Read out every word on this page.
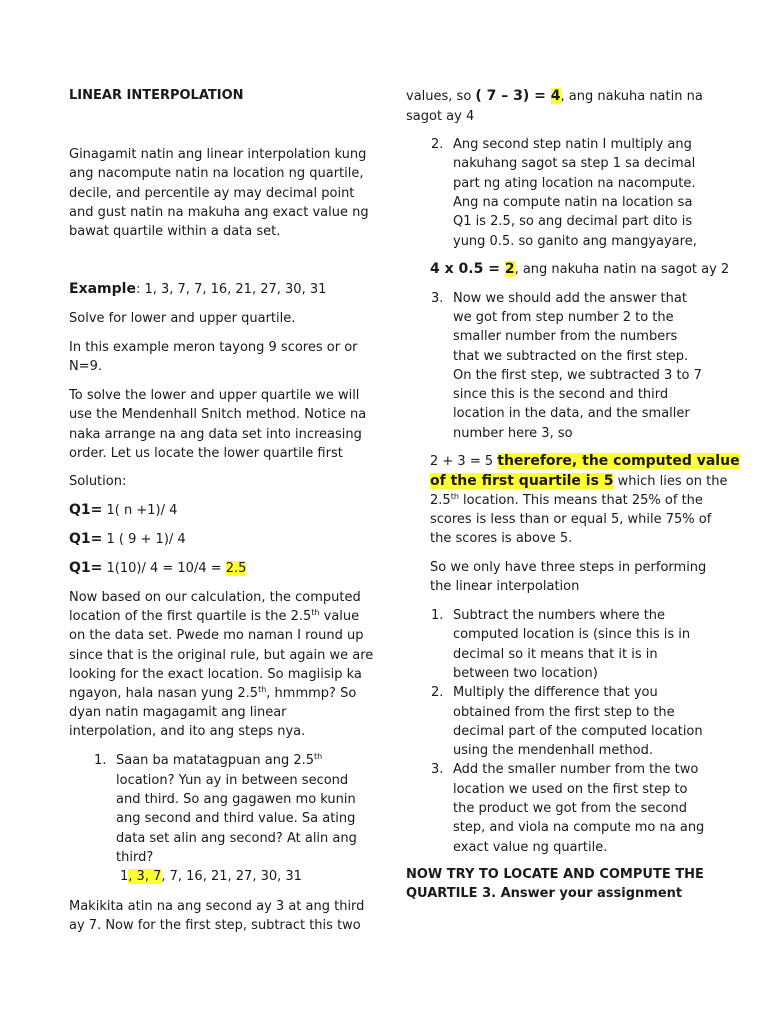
LINEAR INTERPOLATION
Ginagamit natin ang linear interpolation kung
ang nacompute natin na location ng quartile,
decile, and percentile ay may decimal point
and gust natin na makuha ang exact value ng
bawat quartile within a data set.
Example: 1, 3, 7, 7, 16, 21, 27, 30, 31
Solve for lower and upper quartile.
In this example meron tayong 9 scores or or
N=9.
To solve the lower and upper quartile we will
use the Mendenhall Snitch method. Notice na
naka arrange na ang data set into increasing
order. Let us locate the lower quartile first
Solution:
Q1= 1( n +1)/ 4
Q1= 1 ( 9 + 1)/ 4
Q1= 1(10)/ 4 = 10/4 = 2.5
Now based on our calculation, the computed
location of the first quartile is the 2.5th value
on the data set. Pwede mo naman I round up
since that is the original rule, but again we are
looking for the exact location. So magiisip ka
ngayon, hala nasan yung 2.5th, hmmmp? So
dyan natin magagamit ang linear
interpolation, and ito ang steps nya.
1. Saan ba matatagpuan ang 2.5th
location? Yun ay in between second
and third. So ang gagawen mo kunin
ang second and third value. Sa ating
data set alin ang second? At alin ang
third?
1, 3, 7, 7, 16, 21, 27, 30, 31
Makikita atin na ang second ay 3 at ang third
ay 7. Now for the first step, subtract this two
values, so ( 7 – 3) = 4, ang nakuha natin na
sagot ay 4
2. Ang second step natin I multiply ang
nakuhang sagot sa step 1 sa decimal
part ng ating location na nacompute.
Ang na compute natin na location sa
Q1 is 2.5, so ang decimal part dito is
yung 0.5. so ganito ang mangyayare,
4 x 0.5 = 2, ang nakuha natin na sagot ay 2
3. Now we should add the answer that
we got from step number 2 to the
smaller number from the numbers
that we subtracted on the first step.
On the first step, we subtracted 3 to 7
since this is the second and third
location in the data, and the smaller
number here 3, so
2 + 3 = 5 therefore, the computed value
of the first quartile is 5 which lies on the
2.5th location. This means that 25% of the
scores is less than or equal 5, while 75% of
the scores is above 5.
So we only have three steps in performing
the linear interpolation
1. Subtract the numbers where the
computed location is (since this is in
decimal so it means that it is in
between two location)
2. Multiply the difference that you
obtained from the first step to the
decimal part of the computed location
using the mendenhall method.
3. Add the smaller number from the two
location we used on the first step to
the product we got from the second
step, and viola na compute mo na ang
exact value ng quartile.
NOW TRY TO LOCATE AND COMPUTE THE
QUARTILE 3. Answer your assignment
